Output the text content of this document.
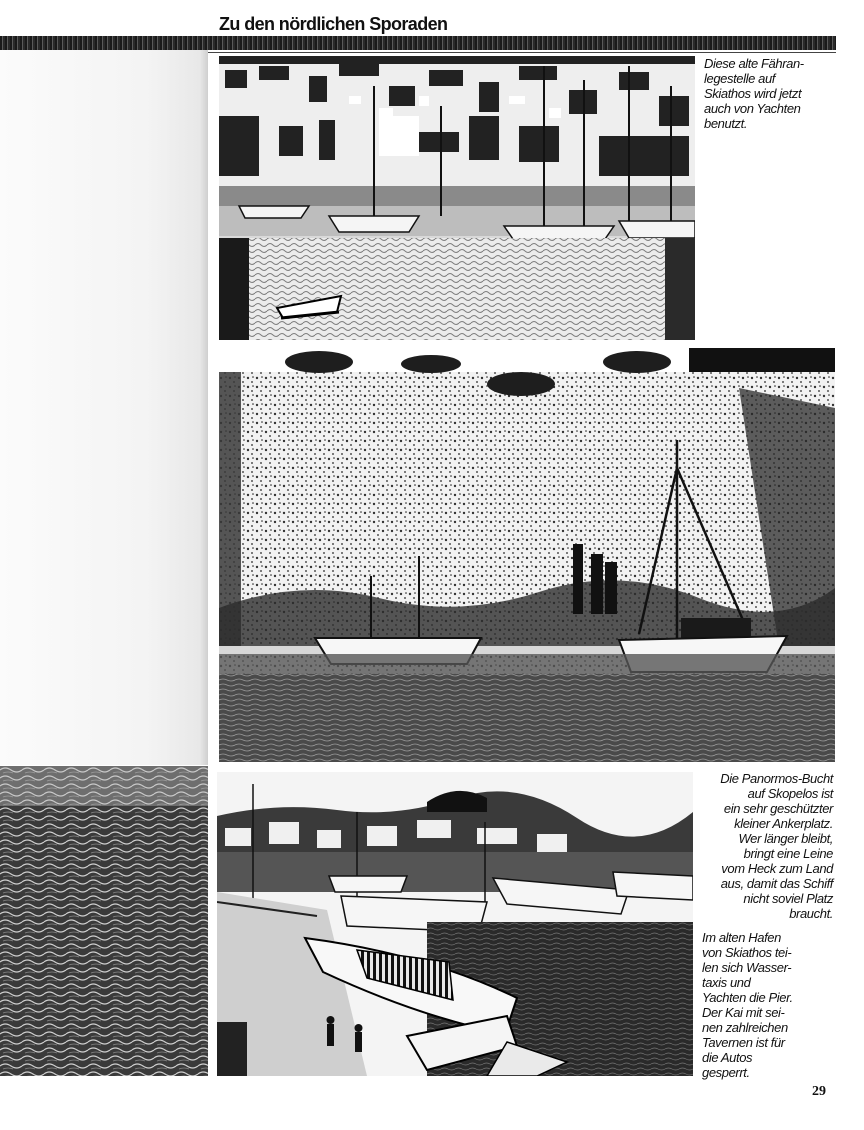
Zu den nördlichen Sporaden

Diese alte Fähran-
legestelle auf
Skiathos wird jetzt
auch von Yachten
benutzt.

Die Panormos-Bucht
auf Skopelos ist
ein sehr geschützter
kleiner Ankerplatz.
Wer länger bleibt,
bringt eine Leine
vom Heck zum Land
aus, damit das Schiff
nicht soviel Platz
braucht.

Im alten Hafen
von Skiathos tei-
len sich Wasser-
taxis und
Yachten die Pier.
Der Kai mit sei-
nen zahlreichen
Tavernen ist für
die Autos
gesperrt.

29
